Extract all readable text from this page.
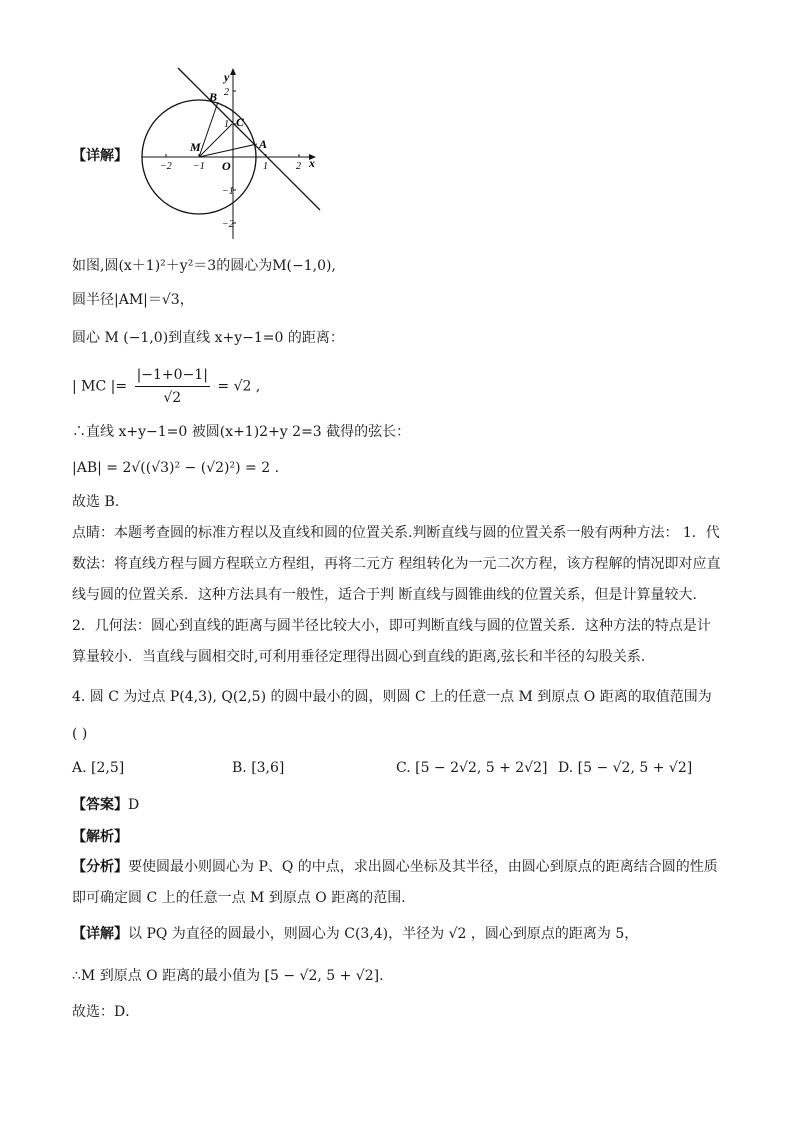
【详解】
−2 −1	1	2
2
1
−1
−2
x
y
O
B
C
M	A
如图,圆(x＋1)²＋y²＝3的圆心为M(−1,0),
圆半径|AM|＝√3，
圆心 M (−1,0)到直线 x+y−1=0 的距离：
| MC |= $\frac{|-1+0-1|}{√2} = √2$ ,
∴直线 x+y−1=0 被圆(x+1)2+y 2=3 截得的弦长：
|AB| = 2√((√3)² − (√2)²) = 2 .
故选 B.
点睛：本题考查圆的标准方程以及直线和圆的位置关系.判断直线与圆的位置关系一般有两种方法： 1．代数法：将直线方程与圆方程联立方程组，再将二元方 程组转化为一元二次方程，该方程解的情况即对应直线与圆的位置关系．这种方法具有一般性，适合于判 断直线与圆锥曲线的位置关系，但是计算量较大．2．几何法：圆心到直线的距离与圆半径比较大小，即可判断直线与圆的位置关系．这种方法的特点是计算量较小．当直线与圆相交时,可利用垂径定理得出圆心到直线的距离,弦长和半径的勾股关系.
4. 圆 C 为过点 P(4,3), Q(2,5) 的圆中最小的圆，则圆 C 上的任意一点 M 到原点 O 距离的取值范围为
( )
A. [2,5]	B. [3,6]	C. [5 − 2√2, 5 + 2√2] D. [5 − √2, 5 + √2]
【答案】D
【解析】
【分析】要使圆最小则圆心为 P、Q 的中点，求出圆心坐标及其半径，由圆心到原点的距离结合圆的性质即可确定圆 C 上的任意一点 M 到原点 O 距离的范围.
【详解】以 PQ 为直径的圆最小，则圆心为 C(3,4)，半径为 √2 ，圆心到原点的距离为 5，
∴M 到原点 O 距离的最小值为 [5 − √2, 5 + √2].
故选：D．
